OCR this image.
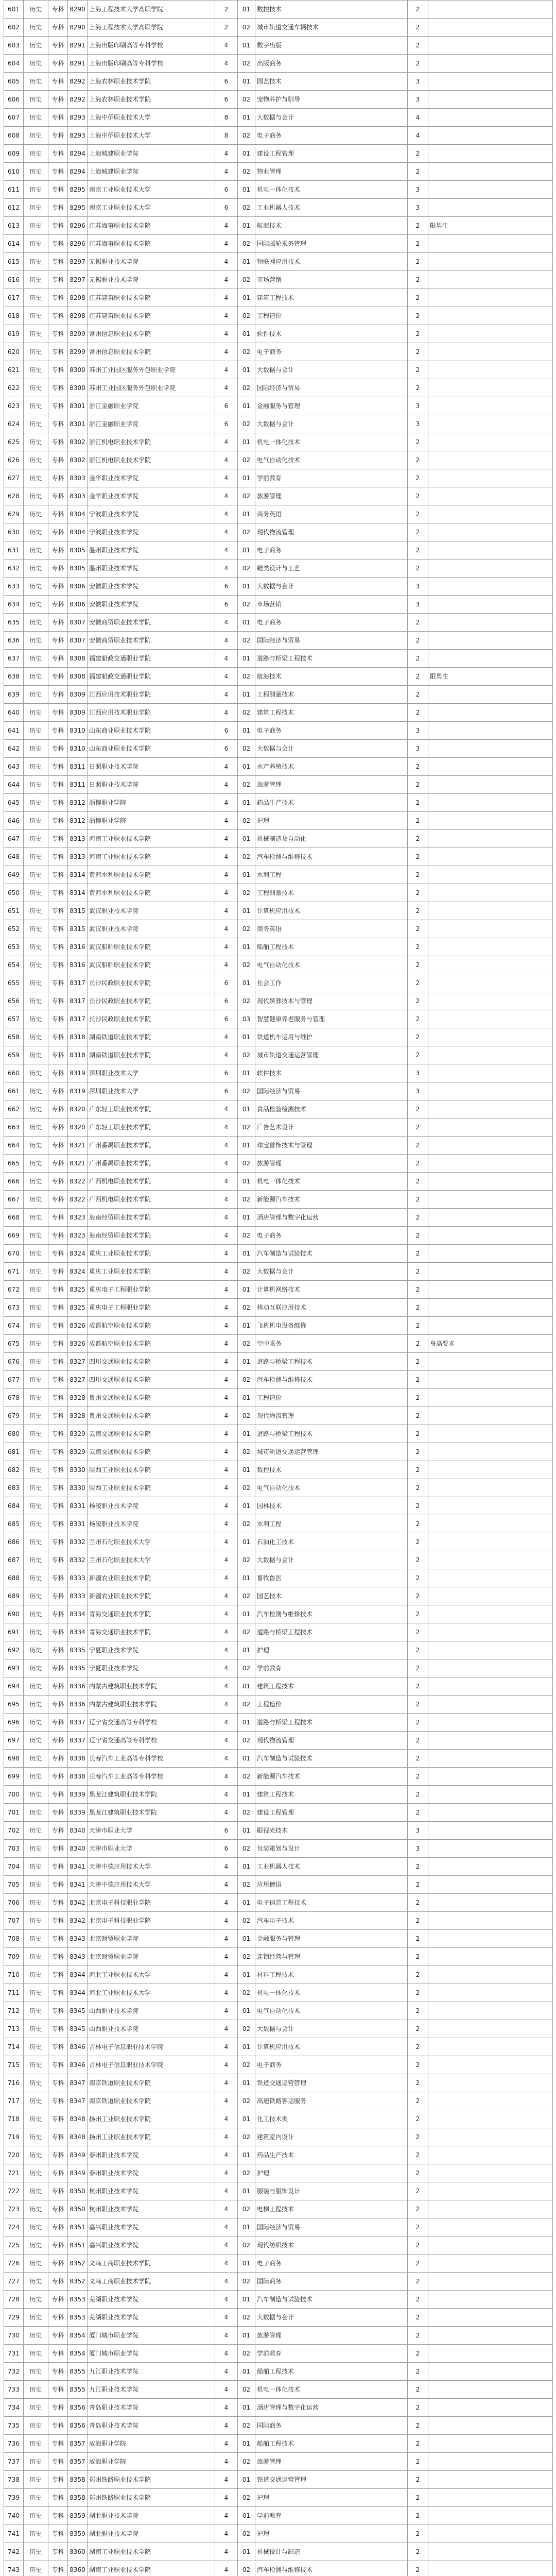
601	历史	专科	8290	上海工程技术大学高职学院	2	01	数控技术	2	
602	历史	专科	8290	上海工程技术大学高职学院	2	02	城市轨道交通车辆技术	2	
603	历史	专科	8291	上海出版印刷高等专科学校	4	01	数字出版	2	
604	历史	专科	8291	上海出版印刷高等专科学校	4	02	出版商务	2	
605	历史	专科	8292	上海农林职业技术学院	6	01	园艺技术	3	
606	历史	专科	8292	上海农林职业技术学院	6	02	宠物养护与驯导	3	
607	历史	专科	8293	上海中侨职业技术大学	8	01	大数据与会计	4	
608	历史	专科	8293	上海中侨职业技术大学	8	02	电子商务	4	
609	历史	专科	8294	上海城建职业学院	4	01	建设工程管理	2	
610	历史	专科	8294	上海城建职业学院	4	02	物业管理	2	
611	历史	专科	8295	南京工业职业技术大学	6	01	机电一体化技术	3	
612	历史	专科	8295	南京工业职业技术大学	6	02	工业机器人技术	3	
613	历史	专科	8296	江苏海事职业技术学院	4	01	航海技术	2	限男生
614	历史	专科	8296	江苏海事职业技术学院	4	02	国际邮轮乘务管理	2	
615	历史	专科	8297	无锡职业技术学院	4	01	物联网应用技术	2	
616	历史	专科	8297	无锡职业技术学院	4	02	市场营销	2	
617	历史	专科	8298	江苏建筑职业技术学院	4	01	建筑工程技术	2	
618	历史	专科	8298	江苏建筑职业技术学院	4	02	工程造价	2	
619	历史	专科	8299	常州信息职业技术学院	4	01	软件技术	2	
620	历史	专科	8299	常州信息职业技术学院	4	02	电子商务	2	
621	历史	专科	8300	苏州工业园区服务外包职业学院	4	01	大数据与会计	2	
622	历史	专科	8300	苏州工业园区服务外包职业学院	4	02	国际经济与贸易	2	
623	历史	专科	8301	浙江金融职业学院	6	01	金融服务与管理	3	
624	历史	专科	8301	浙江金融职业学院	6	02	大数据与会计	3	
625	历史	专科	8302	浙江机电职业技术学院	4	01	机电一体化技术	2	
626	历史	专科	8302	浙江机电职业技术学院	4	02	电气自动化技术	2	
627	历史	专科	8303	金华职业技术学院	4	01	学前教育	2	
628	历史	专科	8303	金华职业技术学院	4	02	旅游管理	2	
629	历史	专科	8304	宁波职业技术学院	4	01	商务英语	2	
630	历史	专科	8304	宁波职业技术学院	4	02	现代物流管理	2	
631	历史	专科	8305	温州职业技术学院	4	01	电子商务	2	
632	历史	专科	8305	温州职业技术学院	4	02	鞋类设计与工艺	2	
633	历史	专科	8306	安徽职业技术学院	6	01	大数据与会计	3	
634	历史	专科	8306	安徽职业技术学院	6	02	市场营销	3	
635	历史	专科	8307	安徽商贸职业技术学院	4	01	电子商务	2	
636	历史	专科	8307	安徽商贸职业技术学院	4	02	国际经济与贸易	2	
637	历史	专科	8308	福建船政交通职业学院	4	01	道路与桥梁工程技术	2	
638	历史	专科	8308	福建船政交通职业学院	4	02	航海技术	2	限男生
639	历史	专科	8309	江西应用技术职业学院	4	01	工程测量技术	2	
640	历史	专科	8309	江西应用技术职业学院	4	02	建筑工程技术	2	
641	历史	专科	8310	山东商业职业技术学院	6	01	电子商务	3	
642	历史	专科	8310	山东商业职业技术学院	6	02	大数据与会计	3	
643	历史	专科	8311	日照职业技术学院	4	01	水产养殖技术	2	
644	历史	专科	8311	日照职业技术学院	4	02	旅游管理	2	
645	历史	专科	8312	淄博职业学院	4	01	药品生产技术	2	
646	历史	专科	8312	淄博职业学院	4	02	护理	2	
647	历史	专科	8313	河南工业职业技术学院	4	01	机械制造及自动化	2	
648	历史	专科	8313	河南工业职业技术学院	4	02	汽车检测与维修技术	2	
649	历史	专科	8314	黄河水利职业技术学院	4	01	水利工程	2	
650	历史	专科	8314	黄河水利职业技术学院	4	02	工程测量技术	2	
651	历史	专科	8315	武汉职业技术学院	4	01	计算机应用技术	2	
652	历史	专科	8315	武汉职业技术学院	4	02	商务英语	2	
653	历史	专科	8316	武汉船舶职业技术学院	4	01	船舶工程技术	2	
654	历史	专科	8316	武汉船舶职业技术学院	4	02	电气自动化技术	2	
655	历史	专科	8317	长沙民政职业技术学院	6	01	社会工作	2	
656	历史	专科	8317	长沙民政职业技术学院	6	02	现代殡葬技术与管理	2	
657	历史	专科	8317	长沙民政职业技术学院	6	03	智慧健康养老服务与管理	2	
658	历史	专科	8318	湖南铁道职业技术学院	4	01	铁道机车运用与维护	2	
659	历史	专科	8318	湖南铁道职业技术学院	4	02	城市轨道交通运营管理	2	
660	历史	专科	8319	深圳职业技术大学	6	01	软件技术	3	
661	历史	专科	8319	深圳职业技术大学	6	02	国际经济与贸易	3	
662	历史	专科	8320	广东轻工职业技术学院	4	01	食品检验检测技术	2	
663	历史	专科	8320	广东轻工职业技术学院	4	02	广告艺术设计	2	
664	历史	专科	8321	广州番禺职业技术学院	4	01	珠宝首饰技术与管理	2	
665	历史	专科	8321	广州番禺职业技术学院	4	02	旅游管理	2	
666	历史	专科	8322	广西机电职业技术学院	4	01	机电一体化技术	2	
667	历史	专科	8322	广西机电职业技术学院	4	02	新能源汽车技术	2	
668	历史	专科	8323	海南经贸职业技术学院	4	01	酒店管理与数字化运营	2	
669	历史	专科	8323	海南经贸职业技术学院	4	02	电子商务	2	
670	历史	专科	8324	重庆工业职业技术学院	4	01	汽车制造与试验技术	2	
671	历史	专科	8324	重庆工业职业技术学院	4	02	大数据与会计	2	
672	历史	专科	8325	重庆电子工程职业学院	4	01	计算机网络技术	2	
673	历史	专科	8325	重庆电子工程职业学院	4	02	移动互联应用技术	2	
674	历史	专科	8326	成都航空职业技术学院	4	01	飞机机电设备维修	2	
675	历史	专科	8326	成都航空职业技术学院	4	02	空中乘务	2	身高要求
676	历史	专科	8327	四川交通职业技术学院	4	01	道路与桥梁工程技术	2	
677	历史	专科	8327	四川交通职业技术学院	4	02	汽车检测与维修技术	2	
678	历史	专科	8328	贵州交通职业技术学院	4	01	工程造价	2	
679	历史	专科	8328	贵州交通职业技术学院	4	02	现代物流管理	2	
680	历史	专科	8329	云南交通职业技术学院	4	01	道路与桥梁工程技术	2	
681	历史	专科	8329	云南交通职业技术学院	4	02	城市轨道交通运营管理	2	
682	历史	专科	8330	陕西工业职业技术学院	4	01	数控技术	2	
683	历史	专科	8330	陕西工业职业技术学院	4	02	电气自动化技术	2	
684	历史	专科	8331	杨凌职业技术学院	4	01	园林技术	2	
685	历史	专科	8331	杨凌职业技术学院	4	02	水利工程	2	
686	历史	专科	8332	兰州石化职业技术大学	4	01	石油化工技术	2	
687	历史	专科	8332	兰州石化职业技术大学	4	02	大数据与会计	2	
688	历史	专科	8333	新疆农业职业技术学院	4	01	畜牧兽医	2	
689	历史	专科	8333	新疆农业职业技术学院	4	02	园艺技术	2	
690	历史	专科	8334	青海交通职业技术学院	4	01	汽车检测与维修技术	2	
691	历史	专科	8334	青海交通职业技术学院	4	02	道路与桥梁工程技术	2	
692	历史	专科	8335	宁夏职业技术学院	4	01	护理	2	
693	历史	专科	8335	宁夏职业技术学院	4	02	学前教育	2	
694	历史	专科	8336	内蒙古建筑职业技术学院	4	01	建筑工程技术	2	
695	历史	专科	8336	内蒙古建筑职业技术学院	4	02	工程造价	2	
696	历史	专科	8337	辽宁省交通高等专科学校	4	01	道路与桥梁工程技术	2	
697	历史	专科	8337	辽宁省交通高等专科学校	4	02	现代物流管理	2	
698	历史	专科	8338	长春汽车工业高等专科学校	4	01	汽车制造与试验技术	2	
699	历史	专科	8338	长春汽车工业高等专科学校	4	02	新能源汽车技术	2	
700	历史	专科	8339	黑龙江建筑职业技术学院	4	01	建筑工程技术	2	
701	历史	专科	8339	黑龙江建筑职业技术学院	4	02	建设工程管理	2	
702	历史	专科	8340	天津市职业大学	6	01	眼视光技术	3	
703	历史	专科	8340	天津市职业大学	6	02	包装策划与设计	3	
704	历史	专科	8341	天津中德应用技术大学	4	01	工业机器人技术	2	
705	历史	专科	8341	天津中德应用技术大学	4	02	应用德语	2	
706	历史	专科	8342	北京电子科技职业学院	4	01	电子信息工程技术	2	
707	历史	专科	8342	北京电子科技职业学院	4	02	汽车电子技术	2	
708	历史	专科	8343	北京财贸职业学院	4	01	金融服务与管理	2	
709	历史	专科	8343	北京财贸职业学院	4	02	连锁经营与管理	2	
710	历史	专科	8344	河北工业职业技术大学	4	01	材料工程技术	2	
711	历史	专科	8344	河北工业职业技术大学	4	02	机电一体化技术	2	
712	历史	专科	8345	山西职业技术学院	4	01	电气自动化技术	2	
713	历史	专科	8345	山西职业技术学院	4	02	大数据与会计	2	
714	历史	专科	8346	吉林电子信息职业技术学院	4	01	计算机应用技术	2	
715	历史	专科	8346	吉林电子信息职业技术学院	4	02	电子商务	2	
716	历史	专科	8347	南京铁道职业技术学院	4	01	铁道交通运营管理	2	
717	历史	专科	8347	南京铁道职业技术学院	4	02	高速铁路客运服务	2	
718	历史	专科	8348	扬州工业职业技术学院	4	01	化工技术类	2	
719	历史	专科	8348	扬州工业职业技术学院	4	02	建筑室内设计	2	
720	历史	专科	8349	泰州职业技术学院	4	01	药品生产技术	2	
721	历史	专科	8349	泰州职业技术学院	4	02	护理	2	
722	历史	专科	8350	杭州职业技术学院	4	01	服装与服饰设计	2	
723	历史	专科	8350	杭州职业技术学院	4	02	电梯工程技术	2	
724	历史	专科	8351	嘉兴职业技术学院	4	01	国际经济与贸易	2	
725	历史	专科	8351	嘉兴职业技术学院	4	02	现代纺织技术	2	
726	历史	专科	8352	义乌工商职业技术学院	4	01	电子商务	2	
727	历史	专科	8352	义乌工商职业技术学院	4	02	国际商务	2	
728	历史	专科	8353	芜湖职业技术学院	4	01	汽车制造与试验技术	2	
729	历史	专科	8353	芜湖职业技术学院	4	02	大数据与会计	2	
730	历史	专科	8354	厦门城市职业学院	4	01	旅游管理	2	
731	历史	专科	8354	厦门城市职业学院	4	02	学前教育	2	
732	历史	专科	8355	九江职业技术学院	4	01	船舶工程技术	2	
733	历史	专科	8355	九江职业技术学院	4	02	机电一体化技术	2	
734	历史	专科	8356	青岛职业技术学院	4	01	酒店管理与数字化运营	2	
735	历史	专科	8356	青岛职业技术学院	4	02	国际商务	2	
736	历史	专科	8357	威海职业学院	4	01	船舶工程技术	2	
737	历史	专科	8357	威海职业学院	4	02	旅游管理	2	
738	历史	专科	8358	郑州铁路职业技术学院	4	01	铁道交通运营管理	2	
739	历史	专科	8358	郑州铁路职业技术学院	4	02	护理	2	
740	历史	专科	8359	湖北职业技术学院	4	01	学前教育	2	
741	历史	专科	8359	湖北职业技术学院	4	02	护理	2	
742	历史	专科	8360	湖南工业职业技术学院	4	01	机械设计与制造	2	
743	历史	专科	8360	湖南工业职业技术学院	4	02	汽车检测与维修技术	2	
